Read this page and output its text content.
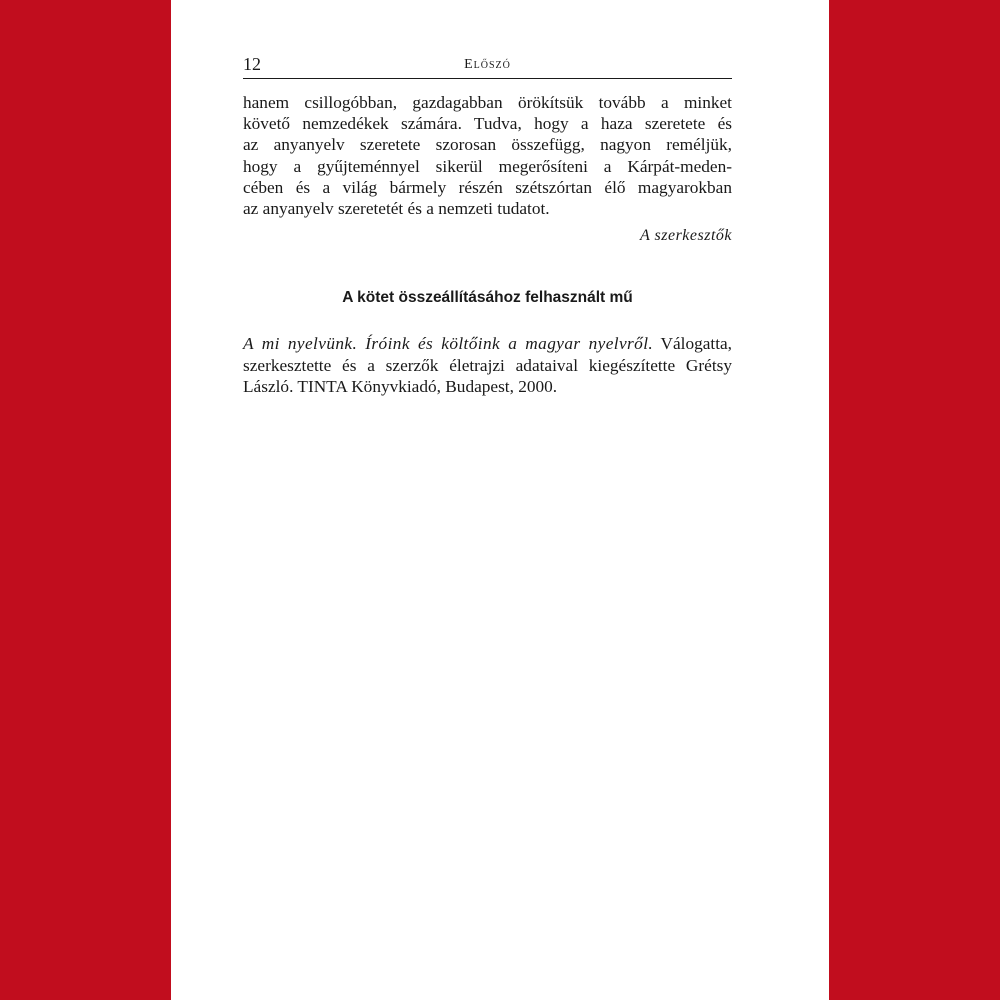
12	Előszó
hanem csillogóbban, gazdagabban örökítsük tovább a minket
követő nemzedékek számára. Tudva, hogy a haza szeretete és
az anyanyelv szeretete szorosan összefügg, nagyon reméljük,
hogy a gyűjteménnyel sikerül megerősíteni a Kárpát-meden-
cében és a világ bármely részén szétszórtan élő magyarokban
az anyanyelv szeretetét és a nemzeti tudatot.
A szerkesztők
A kötet összeállításához felhasznált mű
A mi nyelvünk. Íróink és költőink a magyar nyelvről. Válogatta,
szerkesztette és a szerzők életrajzi adataival kiegészítette Grétsy
László. TINTA Könyvkiadó, Budapest, 2000.
